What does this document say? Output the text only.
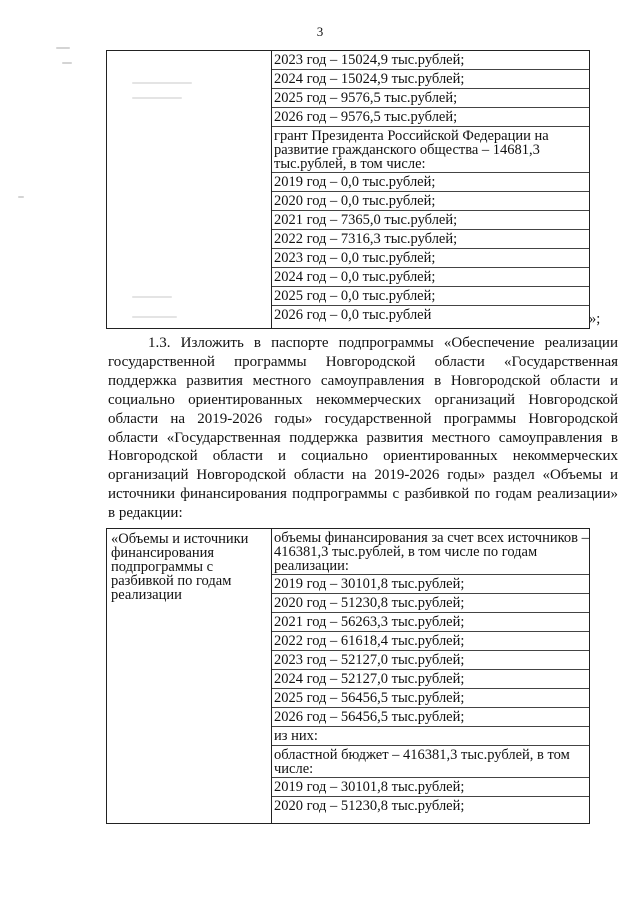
3
2023 год – 15024,9 тыс.рублей;
2024 год – 15024,9 тыс.рублей;
2025 год – 9576,5 тыс.рублей;
2026 год – 9576,5 тыс.рублей;
грант Президента Российской Федерации на развитие гражданского общества – 14681,3 тыс.рублей, в том числе:
2019 год – 0,0 тыс.рублей;
2020 год – 0,0 тыс.рублей;
2021 год – 7365,0 тыс.рублей;
2022 год – 7316,3 тыс.рублей;
2023 год – 0,0 тыс.рублей;
2024 год – 0,0 тыс.рублей;
2025 год – 0,0 тыс.рублей;
2026 год – 0,0 тыс.рублей	»;
1.3. Изложить в паспорте подпрограммы «Обеспечение реализации государственной программы Новгородской области «Государственная поддержка развития местного самоуправления в Новгородской области и социально ориентированных некоммерческих организаций Новгородской области на 2019-2026 годы» государственной программы Новгородской области «Государственная поддержка развития местного самоуправления в Новгородской области и социально ориентированных некоммерческих организаций Новгородской области на 2019-2026 годы» раздел «Объемы и источники финансирования подпрограммы с разбивкой по годам реализации» в редакции:
«Объемы и источники финансирования подпрограммы с разбивкой по годам реализации
объемы финансирования за счет всех источников – 416381,3 тыс.рублей, в том числе по годам реализации:
2019 год – 30101,8 тыс.рублей;
2020 год – 51230,8 тыс.рублей;
2021 год – 56263,3 тыс.рублей;
2022 год – 61618,4 тыс.рублей;
2023 год – 52127,0 тыс.рублей;
2024 год – 52127,0 тыс.рублей;
2025 год – 56456,5 тыс.рублей;
2026 год – 56456,5 тыс.рублей;
из них:
областной бюджет – 416381,3 тыс.рублей, в том числе:
2019 год – 30101,8 тыс.рублей;
2020 год – 51230,8 тыс.рублей;
